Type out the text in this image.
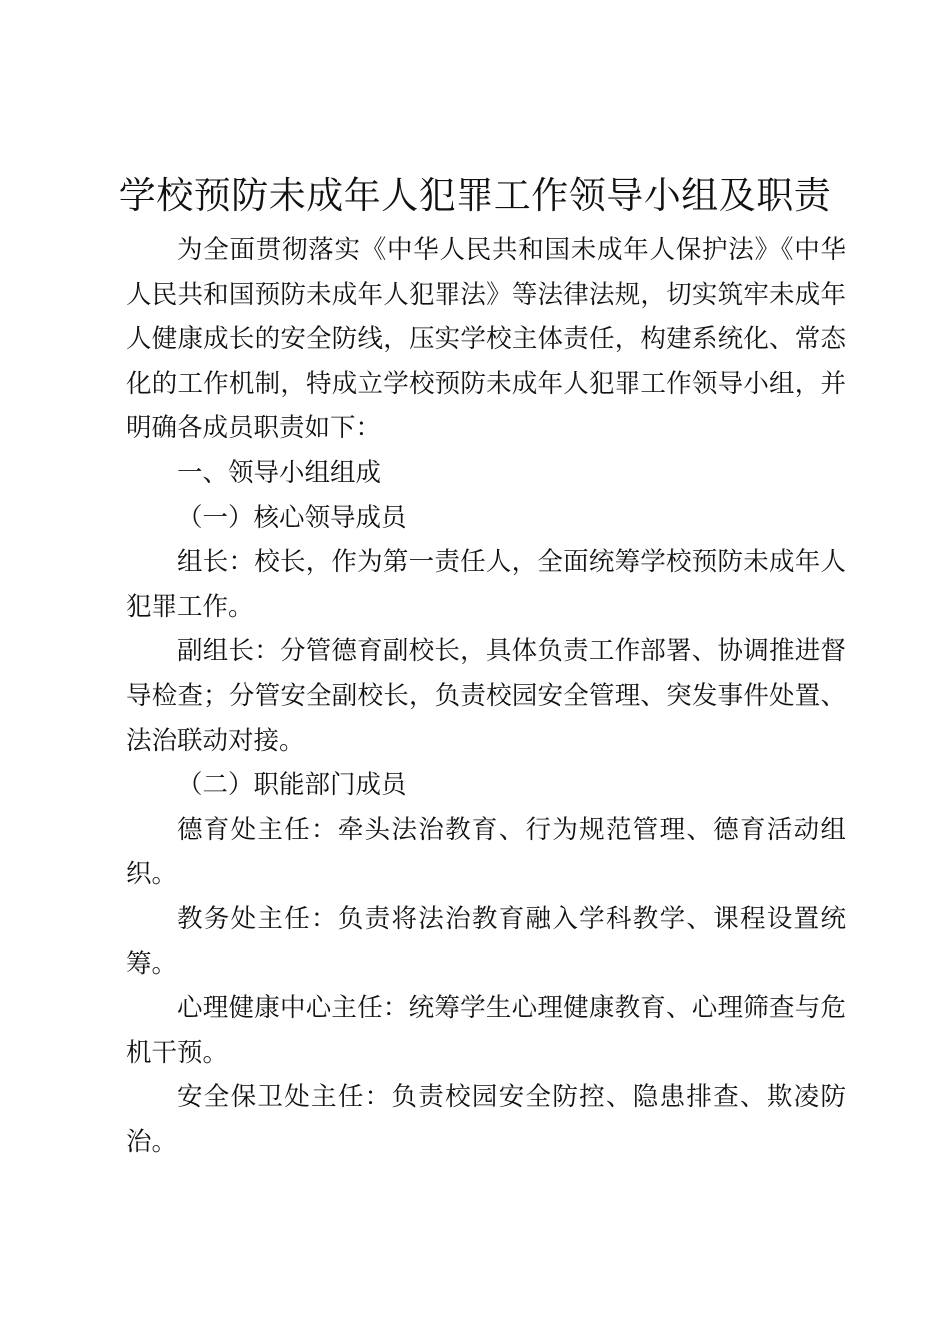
学校预防未成年人犯罪工作领导小组及职责

为全面贯彻落实《中华人民共和国未成年人保护法》《中华人民共和国预防未成年人犯罪法》等法律法规，切实筑牢未成年人健康成长的安全防线，压实学校主体责任，构建系统化、常态化的工作机制，特成立学校预防未成年人犯罪工作领导小组，并明确各成员职责如下：

一、领导小组组成

（一）核心领导成员

组长：校长，作为第一责任人，全面统筹学校预防未成年人犯罪工作。

副组长：分管德育副校长，具体负责工作部署、协调推进督导检查；分管安全副校长，负责校园安全管理、突发事件处置、法治联动对接。

（二）职能部门成员

德育处主任：牵头法治教育、行为规范管理、德育活动组织。

教务处主任：负责将法治教育融入学科教学、课程设置统筹。

心理健康中心主任：统筹学生心理健康教育、心理筛查与危机干预。

安全保卫处主任：负责校园安全防控、隐患排查、欺凌防治。
